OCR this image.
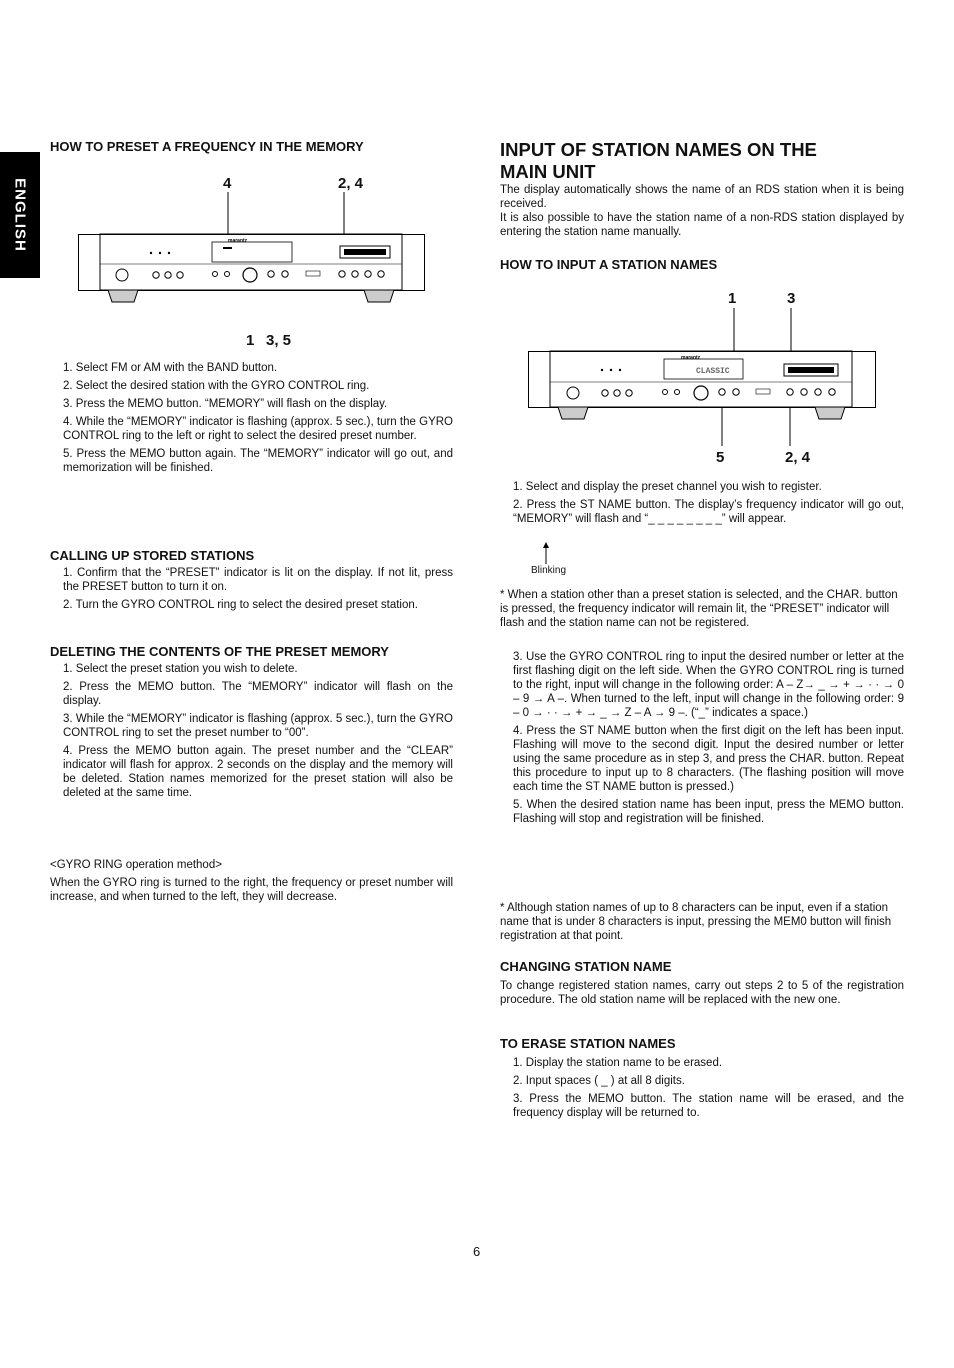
ENGLISH
HOW TO PRESET A FREQUENCY IN THE MEMORY
4	2, 4
1 3, 5
marantz
1. Select FM or AM with the BAND button.
2. Select the desired station with the GYRO CONTROL ring.
3. Press the MEMO button. “MEMORY” will flash on the display.
4. While the “MEMORY” indicator is flashing (approx. 5 sec.), turn the GYRO CONTROL ring to the left or right to select the desired preset number.
5. Press the MEMO button again. The “MEMORY” indicator will go out, and memorization will be finished.
CALLING UP STORED STATIONS
1. Confirm that the “PRESET” indicator is lit on the display. If not lit, press the PRESET button to turn it on.
2. Turn the GYRO CONTROL ring to select the desired preset station.
DELETING THE CONTENTS OF THE PRESET MEMORY
1. Select the preset station you wish to delete.
2. Press the MEMO button. The “MEMORY” indicator will flash on the display.
3. While the “MEMORY” indicator is flashing (approx. 5 sec.), turn the GYRO CONTROL ring to set the preset number to “00”.
4. Press the MEMO button again. The preset number and the “CLEAR” indicator will flash for approx. 2 seconds on the display and the memory will be deleted. Station names memorized for the preset station will also be deleted at the same time.
<GYRO RING operation method>

When the GYRO ring is turned to the right, the frequency or preset number will increase, and when turned to the left, they will decrease.

INPUT OF STATION NAMES ON THE
MAIN UNIT

The display automatically shows the name of an RDS station when it is being received.

It is also possible to have the station name of a non-RDS station displayed by entering the station name manually.

HOW TO INPUT A STATION NAMES
1	3
5	2, 4
CLASSIC
marantz
1. Select and display the preset channel you wish to register.
2. Press the ST NAME button. The display’s frequency indicator will go out, “MEMORY” will flash and “_ _ _ _ _ _ _ _” will appear.
Blinking
* When a station other than a preset station is selected, and the CHAR. button is pressed, the frequency indicator will remain lit, the “PRESET” indicator will flash and the station name can not be registered.
3. Use the GYRO CONTROL ring to input the desired number or letter at the first flashing digit on the left side. When the GYRO CONTROL ring is turned to the right, input will change in the following order: A – Z→ _ → + → · · → 0 – 9 → A –. When turned to the left, input will change in the following order: 9 – 0 → · · → + → _ → Z – A → 9 –. (“_” indicates a space.)
4. Press the ST NAME button when the first digit on the left has been input. Flashing will move to the second digit. Input the desired number or letter using the same procedure as in step 3, and press the CHAR. button. Repeat this procedure to input up to 8 characters. (The flashing position will move each time the ST NAME button is pressed.)
5. When the desired station name has been input, press the MEMO button. Flashing will stop and registration will be finished.
* Although station names of up to 8 characters can be input, even if a station name that is under 8 characters is input, pressing the MEM0 button will finish registration at that point.
CHANGING STATION NAME

To change registered station names, carry out steps 2 to 5 of the registration procedure. The old station name will be replaced with the new one.

TO ERASE STATION NAMES
1. Display the station name to be erased.
2. Input spaces ( _ ) at all 8 digits.
3. Press the MEMO button. The station name will be erased, and the frequency display will be returned to.
6
